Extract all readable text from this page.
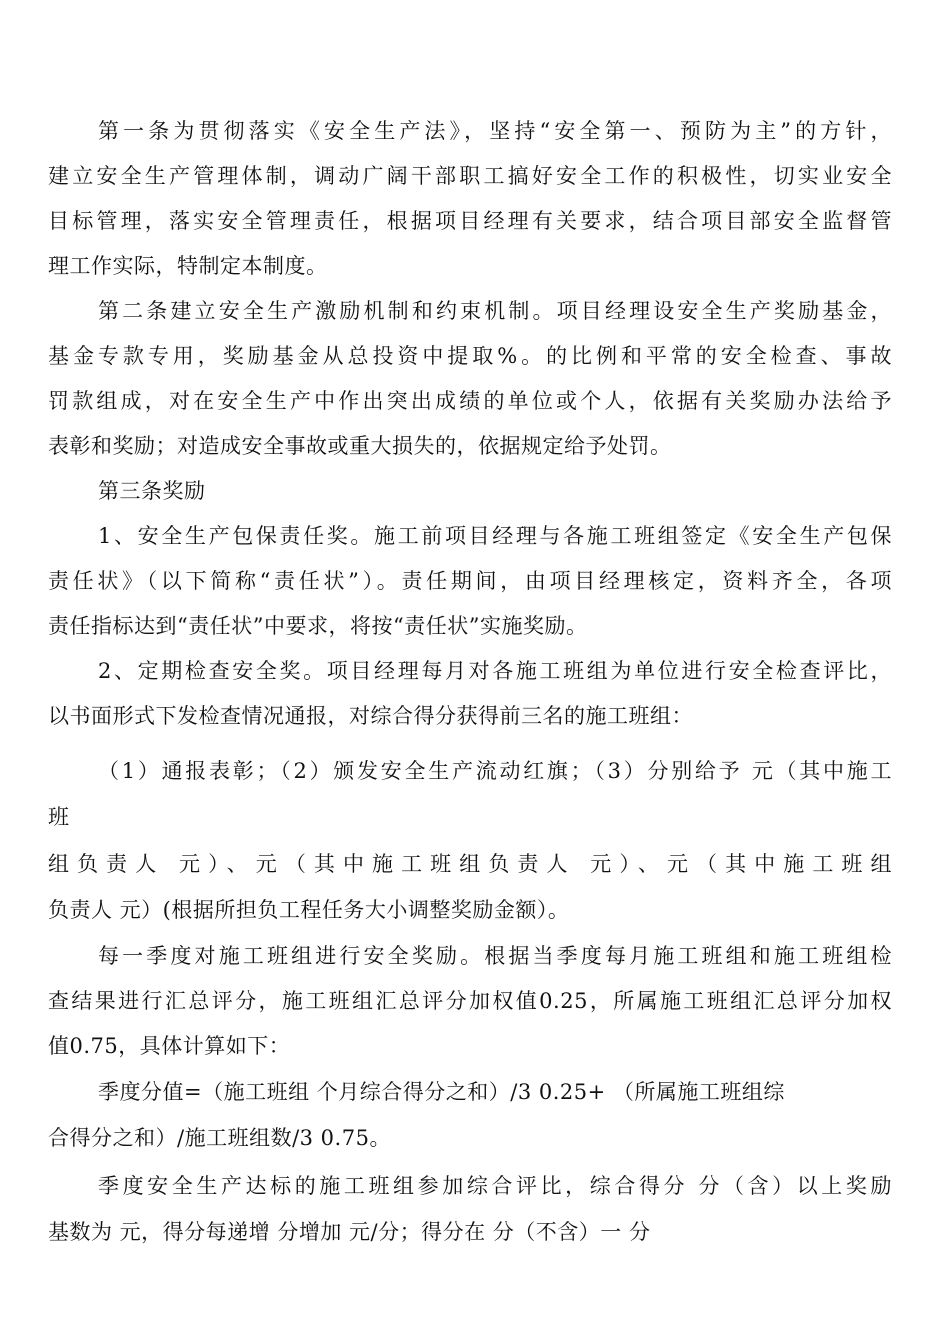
第一条为贯彻落实《安全生产法》，坚持“安全第一、预防为主”的方针，
建立安全生产管理体制，调动广阔干部职工搞好安全工作的积极性，切实业安全
目标管理，落实安全管理责任，根据项目经理有关要求，结合项目部安全监督管
理工作实际，特制定本制度。
第二条建立安全生产激励机制和约束机制。项目经理设安全生产奖励基金，
基金专款专用，奖励基金从总投资中提取%。的比例和平常的安全检查、事故
罚款组成，对在安全生产中作出突出成绩的单位或个人，依据有关奖励办法给予
表彰和奖励；对造成安全事故或重大损失的，依据规定给予处罚。
第三条奖励
1、安全生产包保责任奖。施工前项目经理与各施工班组签定《安全生产包保
责任状》（以下简称“责任状”）。责任期间，由项目经理核定，资料齐全，各项
责任指标达到“责任状”中要求，将按“责任状”实施奖励。
2、定期检查安全奖。项目经理每月对各施工班组为单位进行安全检查评比，
以书面形式下发检查情况通报，对综合得分获得前三名的施工班组：
（1）通报表彰；（2）颁发安全生产流动红旗；（3）分别给予 元（其中施工
班
组负责人 元）、元（其中施工班组负责人 元）、元（其中施工班组
负责人 元）(根据所担负工程任务大小调整奖励金额）。
每一季度对施工班组进行安全奖励。根据当季度每月施工班组和施工班组检
查结果进行汇总评分，施工班组汇总评分加权值0.25，所属施工班组汇总评分加权
值0.75，具体计算如下：
季度分值=（施工班组 个月综合得分之和）/3 0.25+ （所属施工班组综
合得分之和）/施工班组数/3 0.75。
季度安全生产达标的施工班组参加综合评比，综合得分 分（含）以上奖励
基数为 元，得分每递增 分增加 元/分；得分在 分（不含）一 分
